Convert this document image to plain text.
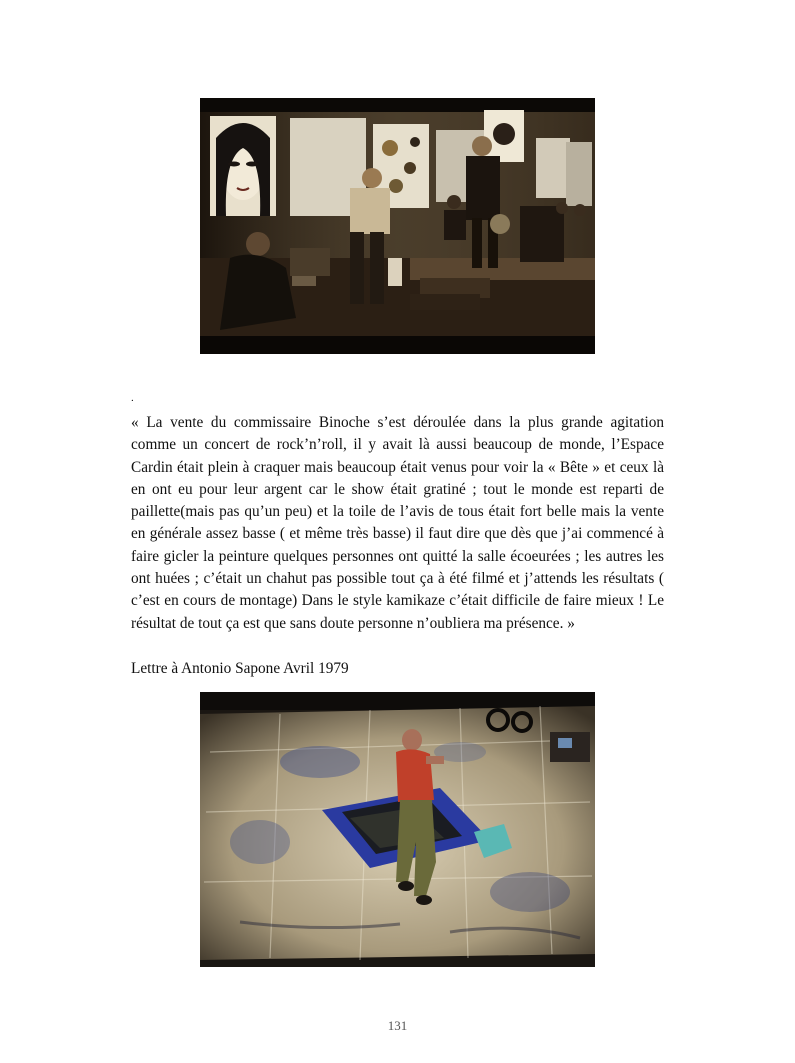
.

« La vente du commissaire Binoche s’est déroulée dans la plus grande agitation comme un concert de rock’n’roll, il y avait là aussi beaucoup de monde, l’Espace Cardin était plein à craquer mais beaucoup était venus pour voir la « Bête » et ceux là en ont eu pour leur argent car le show était gratiné ; tout le monde est reparti de paillette(mais pas qu’un peu) et la toile de l’avis de tous était fort belle mais la vente en générale assez basse ( et même très basse) il faut dire que dès que j’ai commencé à faire gicler la peinture quelques personnes ont quitté la salle écoeurées ; les autres les ont huées ; c’était un chahut pas possible tout ça à été filmé et j’attends les résultats ( c’est en cours de montage) Dans le style kamikaze c’était difficile de faire mieux ! Le résultat de tout ça est que sans doute personne n’oubliera ma présence. »

Lettre à Antonio Sapone Avril 1979

131
